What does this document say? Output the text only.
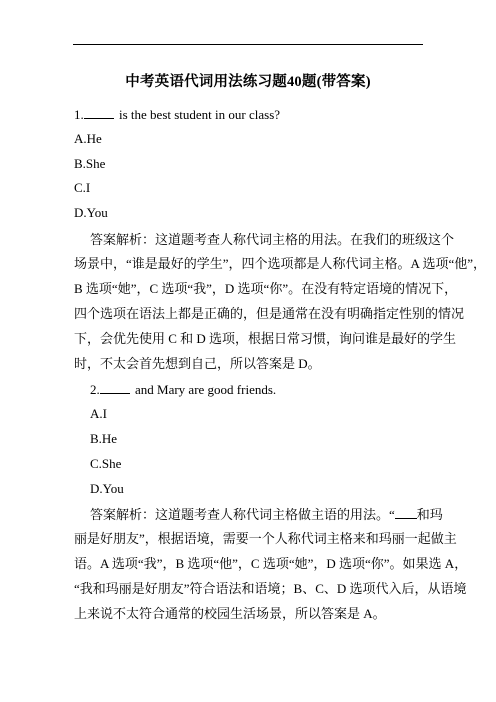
中考英语代词用法练习题40题(带答案)
1. is the best student in our class?
A.He
B.She
C.I
D.You
答案解析：这道题考查人称代词主格的用法。在我们的班级这个
场景中，“谁是最好的学生”，四个选项都是人称代词主格。A 选项“他”，
B 选项“她”，C 选项“我”，D 选项“你”。在没有特定语境的情况下，
四个选项在语法上都是正确的，但是通常在没有明确指定性别的情况
下，会优先使用 C 和 D 选项，根据日常习惯，询问谁是最好的学生
时，不太会首先想到自己，所以答案是 D。
2. and Mary are good friends.
A.I
B.He
C.She
D.You
答案解析：这道题考查人称代词主格做主语的用法。“ 和玛
丽是好朋友”，根据语境，需要一个人称代词主格来和玛丽一起做主
语。A 选项“我”，B 选项“他”，C 选项“她”，D 选项“你”。如果选 A，
“我和玛丽是好朋友”符合语法和语境；B、C、D 选项代入后，从语境
上来说不太符合通常的校园生活场景，所以答案是 A。
